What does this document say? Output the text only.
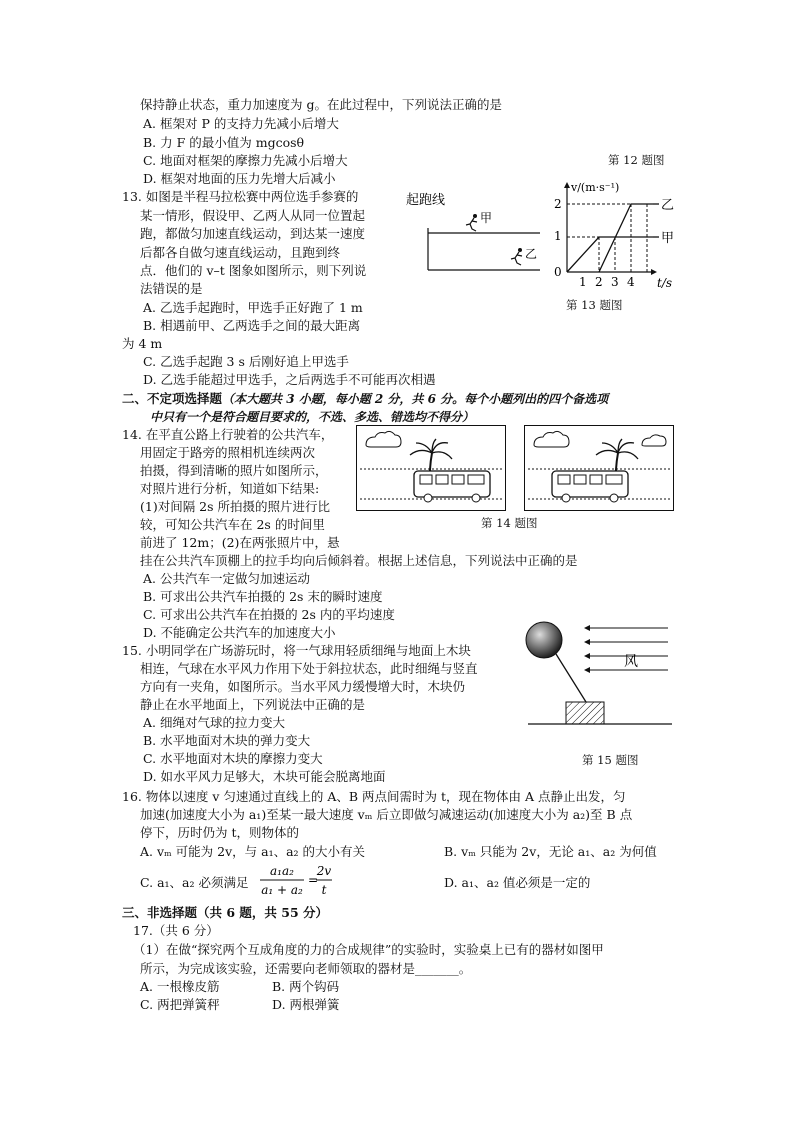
保持静止状态，重力加速度为 g。在此过程中，下列说法正确的是
A. 框架对 P 的支持力先减小后增大
B. 力 F 的最小值为 mgcosθ
C. 地面对框架的摩擦力先减小后增大
D. 框架对地面的压力先增大后减小
第 12 题图
13. 如图是半程马拉松赛中两位选手参赛的
某一情形，假设甲、乙两人从同一位置起
跑，都做匀加速直线运动，到达某一速度
后都各自做匀速直线运动，且跑到终
点．他们的 v–t 图象如图所示，则下列说
法错误的是
A. 乙选手起跑时，甲选手正好跑了 1 m
B. 相遇前甲、乙两选手之间的最大距离
为 4 m
C. 乙选手起跑 3 s 后刚好追上甲选手
D. 乙选手能超过甲选手，之后两选手不可能再次相遇
起跑线
甲
乙
v/(m·s⁻¹)
t/s
0
1
2
1 2 3 4
乙
甲
第 13 题图
二、不定项选择题（本大题共 3 小题，每小题 2 分，共 6 分。每个小题列出的四个备选项
中只有一个是符合题目要求的，不选、多选、错选均不得分）
14. 在平直公路上行驶着的公共汽车，
用固定于路旁的照相机连续两次
拍摄，得到清晰的照片如图所示，
对照片进行分析，知道如下结果:
(1)对间隔 2s 所拍摄的照片进行比
较，可知公共汽车在 2s 的时间里
前进了 12m；(2)在两张照片中，悬
挂在公共汽车顶棚上的拉手均向后倾斜着。根据上述信息，下列说法中正确的是
A. 公共汽车一定做匀加速运动
B. 可求出公共汽车拍摄的 2s 末的瞬时速度
C. 可求出公共汽车在拍摄的 2s 内的平均速度
D. 不能确定公共汽车的加速度大小
第 14 题图
15. 小明同学在广场游玩时，将一气球用轻质细绳与地面上木块
相连，气球在水平风力作用下处于斜拉状态，此时细绳与竖直
方向有一夹角，如图所示。当水平风力缓慢增大时，木块仍
静止在水平地面上，下列说法中正确的是
A. 细绳对气球的拉力变大
B. 水平地面对木块的弹力变大
C. 水平地面对木块的摩擦力变大
D. 如水平风力足够大，木块可能会脱离地面
风
第 15 题图
16. 物体以速度 v 匀速通过直线上的 A、B 两点间需时为 t，现在物体由 A 点静止出发，匀
加速(加速度大小为 a₁)至某一最大速度 vₘ 后立即做匀减速运动(加速度大小为 a₂)至 B 点
停下，历时仍为 t，则物体的
A. vₘ 可能为 2v，与 a₁、a₂ 的大小有关	B. vₘ 只能为 2v，无论 a₁、a₂ 为何值
C. a₁、a₂ 必须满足
a₁a₂
a₁ + a₂
=
2v
t	D. a₁、a₂ 值必须是一定的
三、非选择题（共 6 题，共 55 分）
17.（共 6 分）
（1）在做“探究两个互成角度的力的合成规律”的实验时，实验桌上已有的器材如图甲
所示，为完成该实验，还需要向老师领取的器材是_______。
A. 一根橡皮筋	B. 两个钩码
C. 两把弹簧秤	D. 两根弹簧
